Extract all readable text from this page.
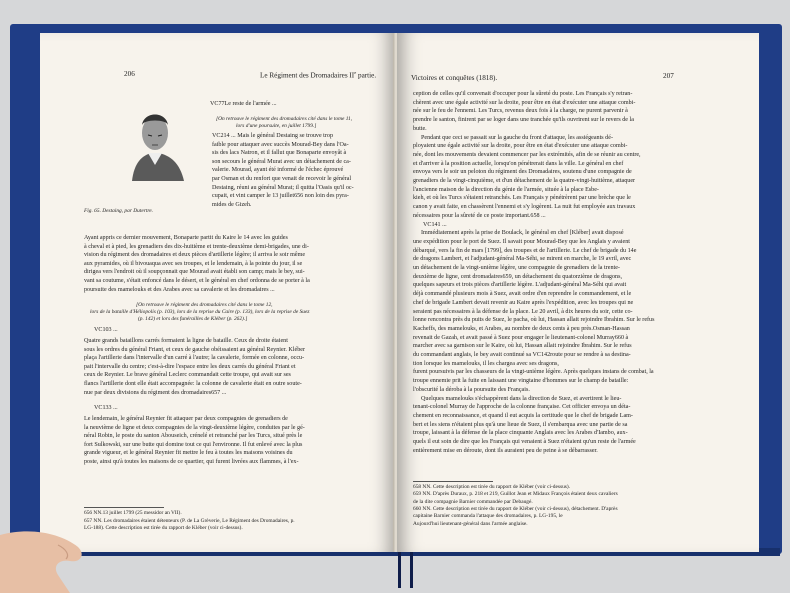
206	Le Régiment des Dromadaires IIe partie.
Fig. 65. Destaing, par Dutertre.
VC77Le reste de l'armée ...
[On retrouve le régiment des dromadaires cité dans le tome 11,
lors d'une poursuite, en juillet 1799.]
VC214 ... Mais le général Destaing se trouve trop
faible pour attaquer avec succès Mourad-Bey dans l'Oa-
sis des lacs Natron, et il fallut que Bonaparte envoyât à
son secours le général Murat avec un détachement de ca-
valerie. Mourad, ayant été informé de l'échec éprouvé
par Osman et du renfort que venait de recevoir le général
Destaing, réuni au général Murat; il quitta l'Oasis qu'il oc-
cupait, et vint camper le 13 juillet656 non loin des pyra-
mides de Gizeh.
Ayant appris ce dernier mouvement, Bonaparte partit du Kaire le 14 avec les guides
à cheval et à pied, les grenadiers des dix-huitième et trente-deuxième demi-brigades, une di-
vision du régiment des dromadaires et deux pièces d'artillerie légère; il arriva le soir même
aux pyramides, où il bivouaqua avec ses troupes, et le lendemain, à la pointe du jour, il se
dirigea vers l'endroit où il soupçonnait que Mourad avait établi son camp; mais le bey, sui-
vant sa coutume, s'était enfoncé dans le désert, et le général en chef ordonna de se porter à la
poursuite des mamelouks et des Arabes avec sa cavalerie et les dromadaires ...
[On retrouve le régiment des dromadaires cité dans le tome 12,
lors de la bataille d'Héliopolis (p. 103), lors de la reprise du Caire (p. 133), lors de la reprise de Suez
(p. 142) et lors des funérailles de Kléber (p. 262).]
VC103 ...
Quatre grands bataillons carrés formaient la ligne de bataille. Ceux de droite étaient
sous les ordres du général Friant, et ceux de gauche obéissaient au général Reynier. Kléber
plaça l'artillerie dans l'intervalle d'un carré à l'autre; la cavalerie, formée en colonne, occu-
pait l'intervalle du centre; c'est-à-dire l'espace entre les deux carrés du général Friant et
ceux de Reynier. Le brave général Leclerc commandait cette troupe, qui avait sur ses
flancs l'artillerie dont elle était accompagnée: la colonne de cavalerie était en outre soute-
nue par deux divisions du régiment des dromadaires657 ...
VC133 ...
Le lendemain, le général Reynier fit attaquer par deux compagnies de grenadiers de
la neuvième de ligne et deux compagnies de la vingt-deuxième légère, conduites par le gé-
néral Robin, le poste du santon Abouseich, crénelé et retranché par les Turcs, situé près le
fort Sulkowski, sur une butte qui domine tout ce qui l'environne. Il fut enlevé avec la plus
grande vigueur, et le général Reynier fit mettre le feu à toutes les maisons voisines du
poste, ainsi qu'à toutes les maisons de ce quartier, qui furent livrées aux flammes, à l'ex-
656 NN.13 juillet 1799 (25 messidor an VII).
657 NN. Les dromadaires étaient détenteurs (P. de La Grèverie, Le Régiment des Dromadaires, p.
LG-188). Cette description est tirée du rapport de Kléber (voir ci-dessus).
Victoires et conquêtes (1818).	207
ception de celles qu'il convenait d'occuper pour la sûreté du poste. Les Français s'y retran-
chèrent avec une égale activité sur la droite, pour être en état d'exécuter une attaque combi-
née sur le feu de l'ennemi. Les Turcs, revenus deux fois à la charge, ne purent parvenir à
prendre le santon, finirent par se loger dans une tranchée qu'ils ouvrirent sur le revers de la
butte.
Pendant que ceci se passait sur la gauche du front d'attaque, les assiégeants dé-
ployaient une égale activité sur la droite, pour être en état d'exécuter une attaque combi-
née, dont les mouvements devaient commencer par les extrémités, afin de se réunir au centre,
et d'arriver à la position actuelle, lorsqu'on pénétrerait dans la ville. Le général en chef
envoya vers le soir un peloton du régiment des Dromadaires, soutenu d'une compagnie de
grenadiers de la vingt-cinquième, et d'un détachement de la quatre-vingt-huitième, attaquer
l'ancienne maison de la direction du génie de l'armée, située à la place Esbe-
kieh, et où les Turcs s'étaient retranchés. Les Français y pénétrèrent par une brèche que le
canon y avait faite, en chassèrent l'ennemi et s'y logèrent. La nuit fut employée aux travaux
nécessaires pour la sûreté de ce poste important.658 ...
VC141 ...
Immédiatement après la prise de Boulack, le général en chef [Kléber] avait disposé
une expédition pour le port de Suez. Il savait pour Mourad-Bey que les Anglais y avaient
débarqué, vers la fin de mars [1799], des troupes et de l'artillerie. Le chef de brigade du 14e
de dragons Lambert, et l'adjudant-général Ma-Séhi, se mirent en marche, le 19 avril, avec
un détachement de la vingt-unième légère, une compagnie de grenadiers de la trente-
deuxième de ligne, cent dromadaires659, un détachement du quatorzième de dragons,
quelques sapeurs et trois pièces d'artillerie légère. L'adjudant-général Ma-Séhi qui avait
déjà commandé plusieurs mois à Suez, avait ordre d'en reprendre le commandement, et le
chef de brigade Lambert devait revenir au Kaire après l'expédition, avec les troupes qui ne
seraient pas nécessaires à la défense de la place. Le 20 avril, à dix heures du soir, cette co-
lonne rencontra près du puits de Suez, le pacha, où lui, Hassan allait rejoindre Ibrahim. Sur le refus
Kacheffs, des mamelouks, et Arabes, au nombre de deux cents à peu près.Osman-Hassan
revenait de Gazah, et avait passé à Suez pour engager le lieutenant-colonel Murray660 à
marcher avec sa garnison sur le Kaire, où lui, Hassan allait rejoindre Ibrahim. Sur le refus
du commandant anglais, le bey avait continué sa VC142route pour se rendre à sa destina-
tion lorsque les mamelouks, il les chargea avec ses dragons,
furent poursuivis par les chasseurs de la vingt-unième légère. Après quelques instans de combat, la
troupe ennemie prit la fuite en laissant une vingtaine d'hommes sur le champ de bataille:
l'obscurité la déroba à la poursuite des Français.
Quelques mamelouks s'échappèrent dans la direction de Suez, et avertirent le lieu-
tenant-colonel Murray de l'approche de la colonne française. Cet officier envoya un déta-
chement en reconnaissance, et quand il eut acquis la certitude que le chef de brigade Lam-
bert et les siens n'étaient plus qu'à une lieue de Suez, il s'embarqua avec une partie de sa
troupe, laissant à la défense de la place cinquante Anglais avec les Arabes d'Iambo, aux-
quels il eut soin de dire que les Français qui venaient à Suez n'étaient qu'un reste de l'armée
entièrement mise en déroute, dont ils auraient peu de peine à se débarrasser.
658 NN. Cette description est tirée du rapport de Kléber (voir ci-dessus).
659 NN. D'après Duraux, p. 218 et 219, Guillot Jean et Midaux François étaient deux cavaliers
de la dite compagnie Barnier commandée par Debaugé.
660 NN. Cette description est tirée du rapport de Kléber (voir ci-dessus), détachement. D'après
capitaine Barnier commanda l'attaque des dromadaires, p. LG-195, le
Aujourd'hui lieutenant-général dans l'armée anglaise.
